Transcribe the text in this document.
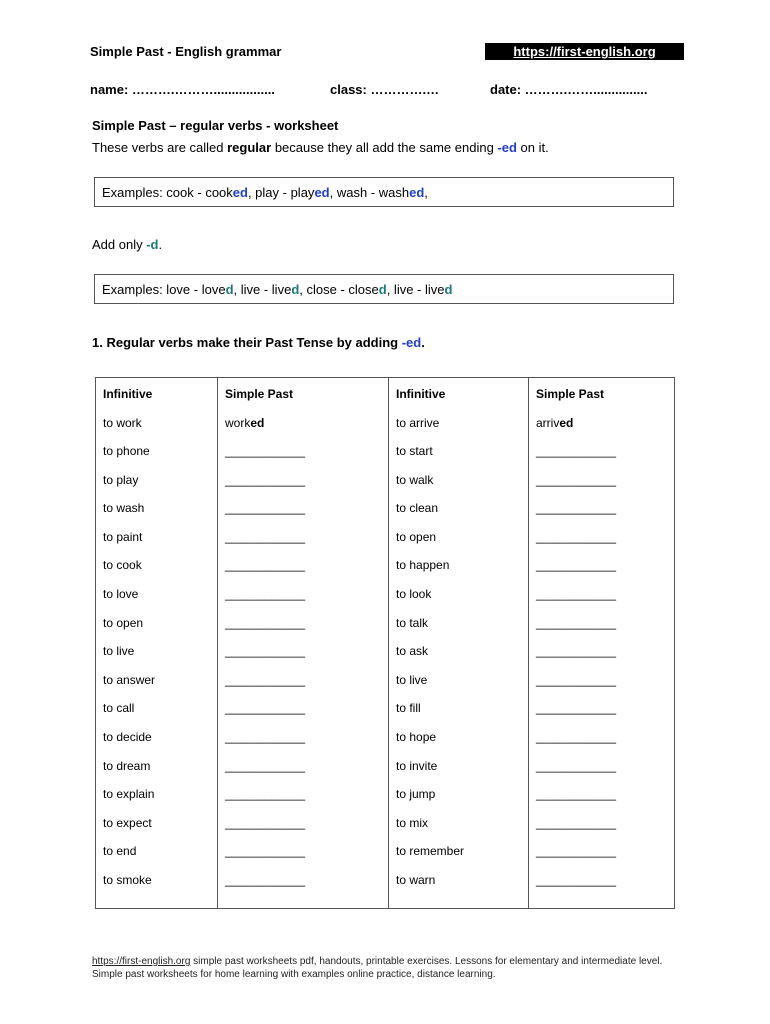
Simple Past - English grammar	https://first-english.org
name: ……….……….................	class: ………….…	date: ……….……...............
Simple Past – regular verbs - worksheet
These verbs are called regular because they all add the same ending -ed on it.
Examples: cook - cooked, play - played, wash - washed,
Add only -d.
Examples: love - loved, live - lived, close - closed, live - lived
1. Regular verbs make their Past Tense by adding -ed.
Infinitive	Simple Past	Infinitive	Simple Past
to work	worked	to arrive	arrived
to phone	____________	to start	____________
to play	____________	to walk	____________
to wash	____________	to clean	____________
to paint	____________	to open	____________
to cook	____________	to happen	____________
to love	____________	to look	____________
to open	____________	to talk	____________
to live	____________	to ask	____________
to answer	____________	to live	____________
to call	____________	to fill	____________
to decide	____________	to hope	____________
to dream	____________	to invite	____________
to explain	____________	to jump	____________
to expect	____________	to mix	____________
to end	____________	to remember	____________
to smoke	____________	to warn	____________
https://first-english.org simple past worksheets pdf, handouts, printable exercises. Lessons for elementary and intermediate level. Simple past worksheets for home learning with examples online practice, distance learning.
